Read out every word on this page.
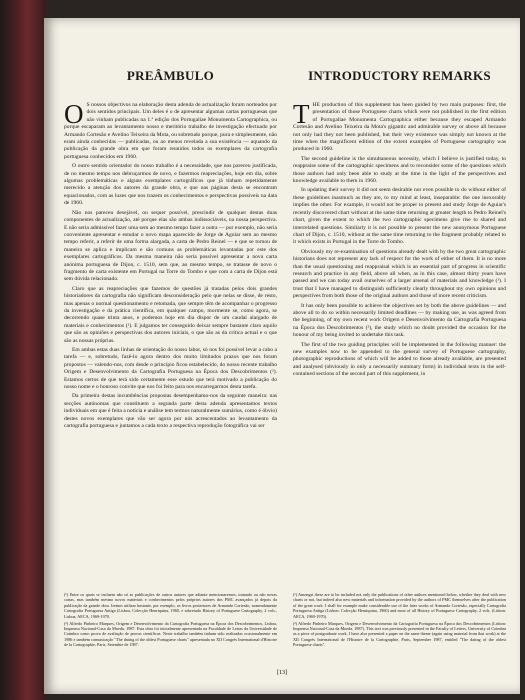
PREÂMBULO

O S nossos objectivos na elaboração desta adenda de actualização foram norteados por dois sentidos principais. Um deles é o de apresentar algumas cartas portuguesas que não vinham publicadas na 1.ª edição dos Portugaliae Monumenta Cartographica, ou porque escaparam ao levantamento nosso e meritório trabalho de investigação efectuado por Armando Cortesão e Avelino Teixeira da Mota, ou sobretudo porque, pura e simplesmente, não eram ainda conhecidas — publicadas, ou ao menos revelada a sua existência — aquando da publicação da grande obra em que foram reunidos todos os exemplares da cartografia portuguesa conhecidos em 1960.

O outro sentido orientador do nosso trabalho é a necessidade, que nos pareceu justificada, de no mesmo tempo nos debruçarmos de novo, e fazermos reapreciações, hoje em dia, sobre algumas problemáticas e alguns exemplares cartográficos que já tinham repetidamente merecido a atenção dos autores da grande obra, e que nas páginas desta se encontram equacionados, com as luzes que nos trazem os conhecimentos e perspectivas possíveis na data de 1960.

Não nos pareceu desejável, ou sequer possível, prescindir de qualquer destas duas componentes de actualização, até porque elas são ambas indissociáveis, na nossa perspectiva. E não seria admissível fazer uma sem ao mesmo tempo fazer a outra — por exemplo, não seria conveniente apresentar e estudar o novo mapa aparecido de Jorge de Aguiar sem ao mesmo tempo referir, a referir de uma forma alargada, a carta de Pedro Reinel — e que se tornou de maneira se aplica e implicam e são comuns as problemáticas levantadas por este dos exemplares cartográficos. Da mesma maneira não seria possível apresentar a nova carta anónima portuguesa de Dijon, c. 1510, sem que, ao mesmo tempo, se tratasse de novo o fragmento de carta existente em Portugal na Torre do Tombo e que com a carta de Dijon está sem dúvida relacionado.

Claro que as reapreciações que fazemos de questões já tratadas pelos dois grandes historiadores da cartografia não significam desconsideração pelo que nelas se disse, de resto, mas apenas o normal questionamento e retomada, que sempre têm de acompanhar o progresso da investigação e da prática científica, em qualquer campo, mormente se, como agora, se decorrendo quase trinta anos, e podemos hoje em dia dispor de um caudal alargado de materiais e conhecimentos (¹). E julgamos ter conseguido deixar sempre bastante claro aquilo que são as opiniões e perspectivas dos autores iniciais, o que são as da crítica actual e o que são as nossas próprias.

Em ambas estas duas linhas de orientação do nosso labor, só nos foi possível levar a cabo a tarefa — e, sobretudo, fazê-lo agora dentro dos muito limitados prazos que nos foram propostos — valendo-nos, com desde o princípio ficou estabelecido, do nosso recente trabalho Origem e Desenvolvimento da Cartografia Portuguesa na Época dos Descobrimentos (²). Estamos certos de que terá sido certamente esse estudo que terá motivado a publicação do nosso nome e o honroso convite que nos foi feito para nos encarregarmos desta tarefa.

Da primeira destas incumbências propostas desempenhamo-nos da seguinte maneira: nas secções autónomas que constituem a segunda parte desta adenda apresentamos textos individuais em que é feita a notícia e análise tem termos naturalmente sumários, como é óbvio) destes novos exemplares que vão ser agora por nós acrescentados ao levantamento da cartografia portuguesa e juntamos a cada texto a respectiva reprodução fotográfica vai ser

(¹) Entre os quais se incluem não só as publicações de outros autores que adiante mencionaremos, tratando ou não novas cartas, mas também mesmo novos materiais e conhecimentos pelos próprios autores dos PMC avançados já depois da publicação da grande obra. Iremos utilizar bastante, por exemplo, os livros posteriores de Armando Cortesão, nomeadamente Cartografia Portuguesa Antiga (Lisboa, Colecção Henriquina, 1960, e sobretudo History of Portuguese Cartography, 2 vols., Lisboa, AECA, 1969-1970.

(²) Alfredo Pinheiro Marques, Origem e Desenvolvimento da Cartografia Portuguesa na Época dos Descobrimentos, Lisboa, Imprensa Nacional-Casa da Moeda, 1987. Esta obra foi inicialmente apresentada na Faculdade de Letras da Universidade de Coimbra como prova de avaliação de provas científicas. Neste trabalho também tinham sido realizadas ocasionalmente em 1986 e também comunicação "The dating of the oldest Portuguese charts" apresentada no XII Congrès International d'Histoire de la Cartographie, Paris, Setembre de 1987.

INTRODUCTORY REMARKS

THE production of this supplement has been guided by two main purposes: first, the presentation of those Portuguese charts which were not published in the first edition of Portugaliae Monumenta Cartographica either because they escaped Armando Cortesão and Avelino Teixeira da Mota's gigantic and admirable survey or above all because not only had they not been published, but their very existence was simply not known at the time when the magnificent edition of the extent examples of Portuguese cartography was produced in 1960.

The second guideline is the simultaneous necessity, which I believe is justified today, to reappraise some of the cartographic specimens and to reconsider some of the questions which those authors had only been able to study at the time in the light of the perspectives and knowledge available to them in 1960.

In updating their survey it did not seem desirable nor even possible to do without either of these guidelines inasmuch as they are, to my mind at least, inseparable: the one inexorably implies the other. For example, it would not be proper to present and study Jorge de Aguiar's recently discovered chart without at the same time returning at greater length to Pedro Reinel's chart, given the extent to which the two cartographic specimens give rise to shared and interrelated questions. Similarly it is not possible to present the new anonymous Portuguese chart of Dijon, c. 1510, without at the same time returning to the fragment probably related to it which exists in Portugal in the Torre do Tombo.

Obviously my re-examination of questions already dealt with by the two great cartographic historians does not represent any lack of respect for the work of either of them. It is no more than the usual questioning and reappraisal which is an essential part of progress in scientific research and practice in any field, above all when, as in this case, almost thirty years have passed and we can today avail ourselves of a larger arsenal of materials and knowledge (¹). I trust that I have managed to distinguish sufficiently clearly throughout my own opinions and perspectives from both those of the original authors and those of more recent criticism.

It has only been possible to achieve the objectives set by both the above guidelines — and above all to do so within necessarily limited deadlines — by making use, as was agreed from the beginning, of my own recent work Origem e Desenvolvimento da Cartografia Portuguesa na Época dos Descobrimentos (²), the study which no doubt provided the occasion for the honour of my being invited to undertake this task.

The first of the two guiding principles will be implemented in the following manner: the new examples now to be appended to the general survey of Portuguese cartography, photographic reproductions of which will be added to those already available, are presented and analysed (obviously in only a necessarily summary form) in individual texts in the self-contained sections of the second part of this supplement, in

(¹) Amongst these are to be included not only the publications of other authors mentioned below, whether they deal with new charts or not, but indeed also new materials and information provided by the authors of PMC themselves after the publication of the great work. I shall for example make considerable use of the later works of Armando Cortesão, especially Cartografia Portuguesa Antiga (Lisbon: Colecção Henriquina, 1960) and most of all History of Portuguese Cartography, 2 vols. (Lisbon: AECA, 1969-1970).

(²) Alfredo Pinheiro Marques, Origem e Desenvolvimento da Cartografia Portuguesa na Época dos Descobrimentos (Lisbon: Imprensa Nacional-Casa da Moeda, 1987). This text was previously presented in the Faculty of Letters, University of Coimbra as a piece of postgraduate work. I have also presented a paper on the same theme (again using material from that work) at the XII Congrès International de l'Histoire de la Cartographie, Paris, September 1987, entitled "The dating of the oldest Portuguese charts".

[13]
